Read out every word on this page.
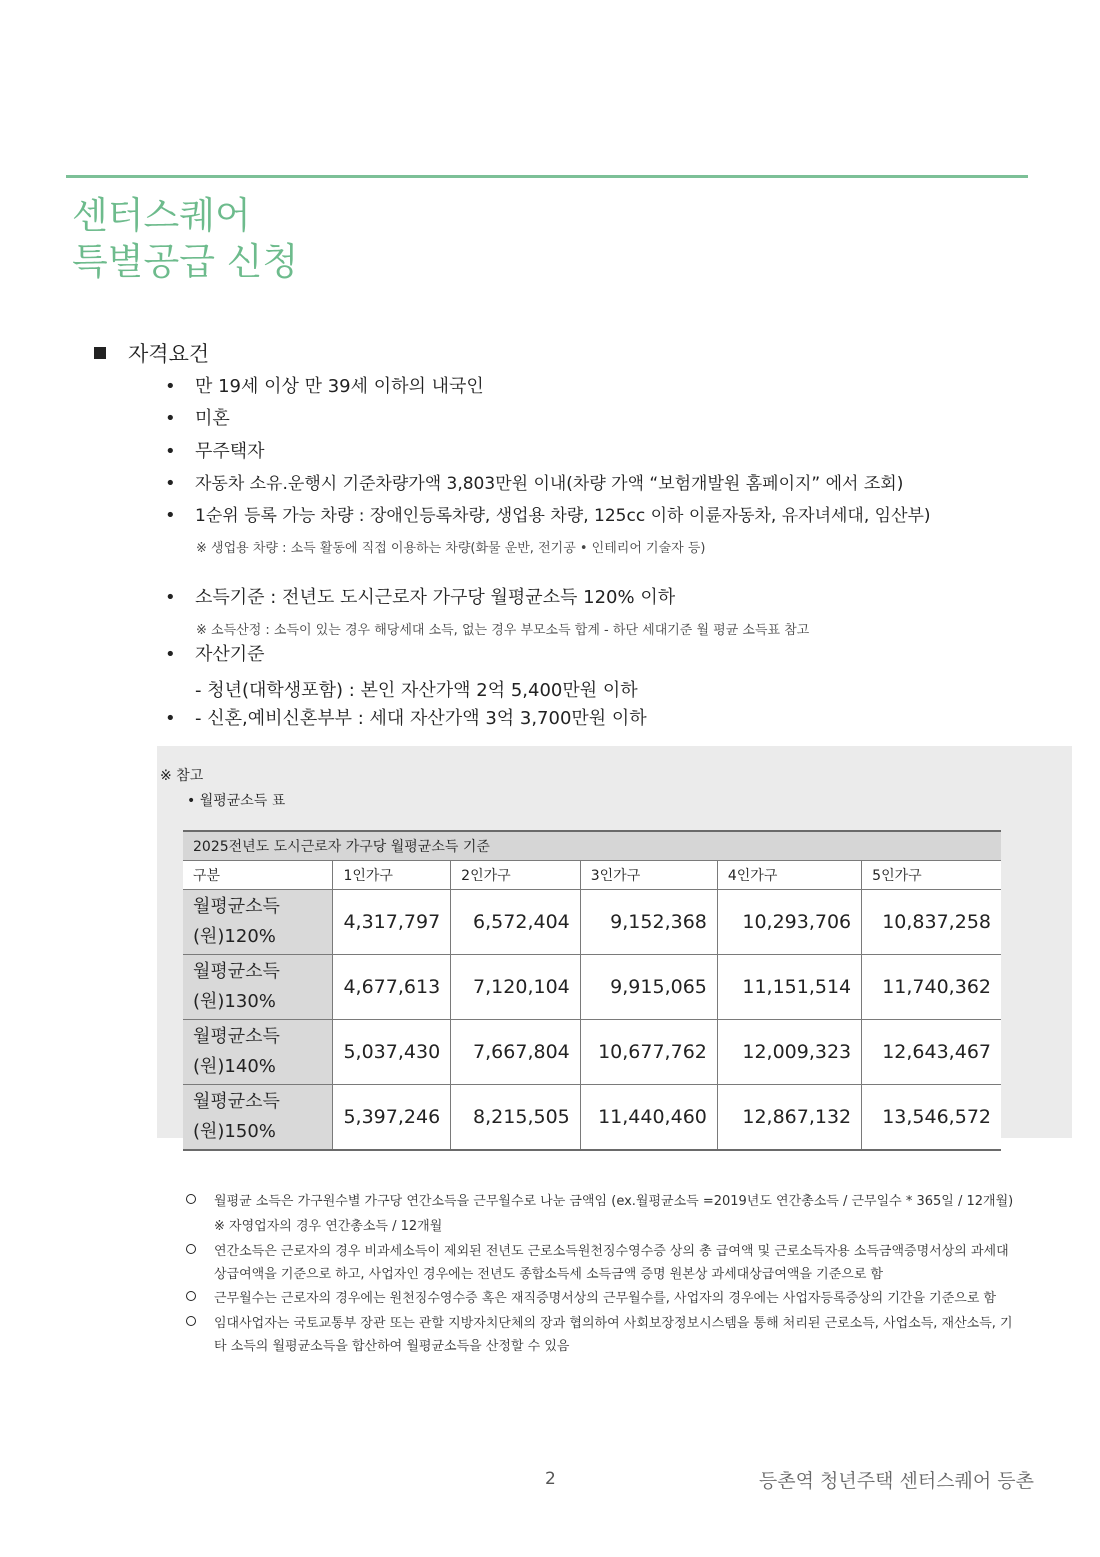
센터스퀘어
특별공급 신청
자격요건
• 만 19세 이상 만 39세 이하의 내국인
• 미혼
• 무주택자
• 자동차 소유.운행시 기준차량가액 3,803만원 이내(차량 가액 “보험개발원 홈페이지” 에서 조회)
• 1순위 등록 가능 차량 : 장애인등록차량, 생업용 차량, 125cc 이하 이륜자동차, 유자녀세대, 임산부)
※ 생업용 차량 : 소득 활동에 직접 이용하는 차량(화물 운반, 전기공 • 인테리어 기술자 등)
• 소득기준 : 전년도 도시근로자 가구당 월평균소득 120% 이하
※ 소득산정 : 소득이 있는 경우 해당세대 소득, 없는 경우 부모소득 합계 - 하단 세대기준 월 평균 소득표 참고
• 자산기준
- 청년(대학생포함) : 본인 자산가액 2억 5,400만원 이하
• - 신혼,예비신혼부부 : 세대 자산가액 3억 3,700만원 이하
※ 참고
• 월평균소득 표
2025전년도 도시근로자 가구당 월평균소득 기준					
구분	1인가구	2인가구	3인가구	4인가구	5인가구
월평균소득
(원)120%	4,317,797	6,572,404	9,152,368	10,293,706	10,837,258
월평균소득
(원)130%	4,677,613	7,120,104	9,915,065	11,151,514	11,740,362
월평균소득
(원)140%	5,037,430	7,667,804	10,677,762	12,009,323	12,643,467
월평균소득
(원)150%	5,397,246	8,215,505	11,440,460	12,867,132	13,546,572
월평균 소득은 가구원수별 가구당 연간소득을 근무월수로 나눈 금액임 (ex.월평균소득 =2019년도 연간총소득 / 근무일수 * 365일 / 12개월)
※ 자영업자의 경우 연간총소득 / 12개월
연간소득은 근로자의 경우 비과세소득이 제외된 전년도 근로소득원천징수영수증 상의 총 급여액 및 근로소득자용 소득금액증명서상의 과세대
상급여액을 기준으로 하고, 사업자인 경우에는 전년도 종합소득세 소득금액 증명 원본상 과세대상급여액을 기준으로 함
근무월수는 근로자의 경우에는 원천징수영수증 혹은 재직증명서상의 근무월수를, 사업자의 경우에는 사업자등록증상의 기간을 기준으로 함
임대사업자는 국토교통부 장관 또는 관할 지방자치단체의 장과 협의하여 사회보장정보시스템을 통해 처리된 근로소득, 사업소득, 재산소득, 기
타 소득의 월평균소득을 합산하여 월평균소득을 산정할 수 있음
2	등촌역 청년주택 센터스퀘어 등촌
